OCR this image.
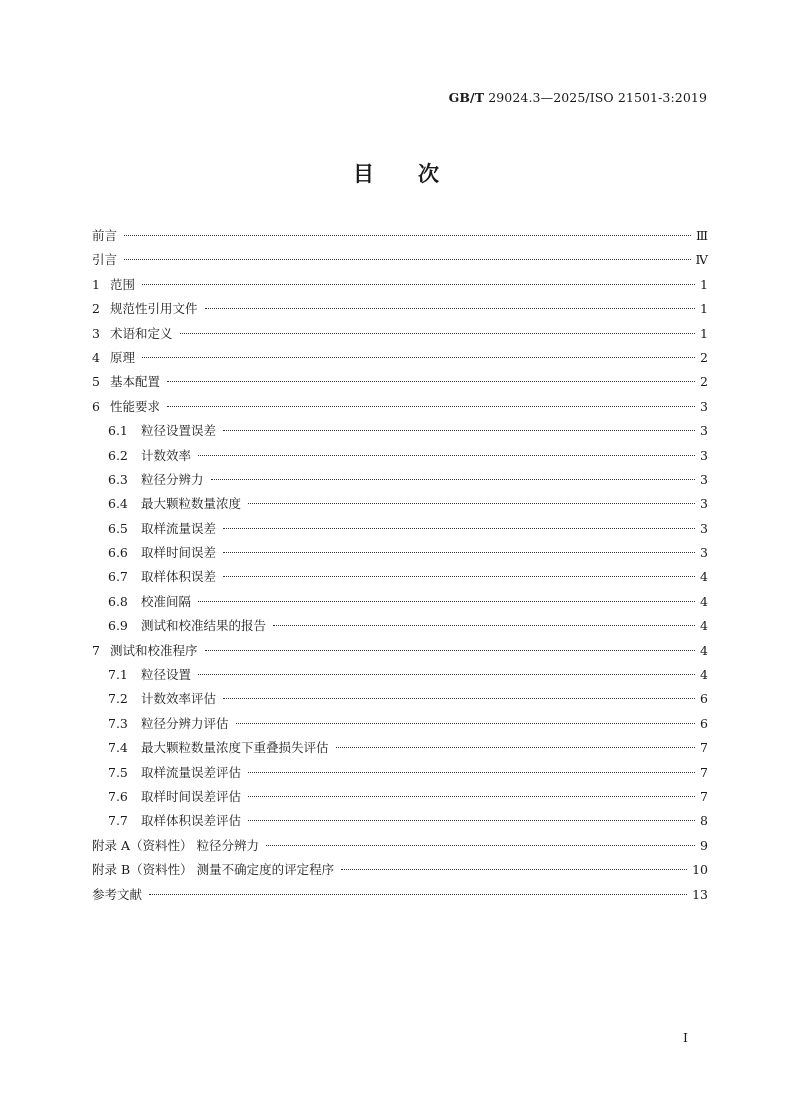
GB/T 29024.3—2025/ISO 21501-3:2019
目次
前言	Ⅲ
引言	Ⅳ
1 范围	1
2 规范性引用文件	1
3 术语和定义	1
4 原理	2
5 基本配置	2
6 性能要求	3
6.1	粒径设置误差	3
6.2	计数效率	3
6.3	粒径分辨力	3
6.4	最大颗粒数量浓度	3
6.5	取样流量误差	3
6.6	取样时间误差	3
6.7	取样体积误差	4
6.8	校准间隔	4
6.9	测试和校准结果的报告	4
7 测试和校准程序	4
7.1	粒径设置	4
7.2	计数效率评估	6
7.3	粒径分辨力评估	6
7.4	最大颗粒数量浓度下重叠损失评估	7
7.5	取样流量误差评估	7
7.6	取样时间误差评估	7
7.7	取样体积误差评估	8
附录 A（资料性） 粒径分辨力	9
附录 B（资料性） 测量不确定度的评定程序	10
参考文献	13
I
